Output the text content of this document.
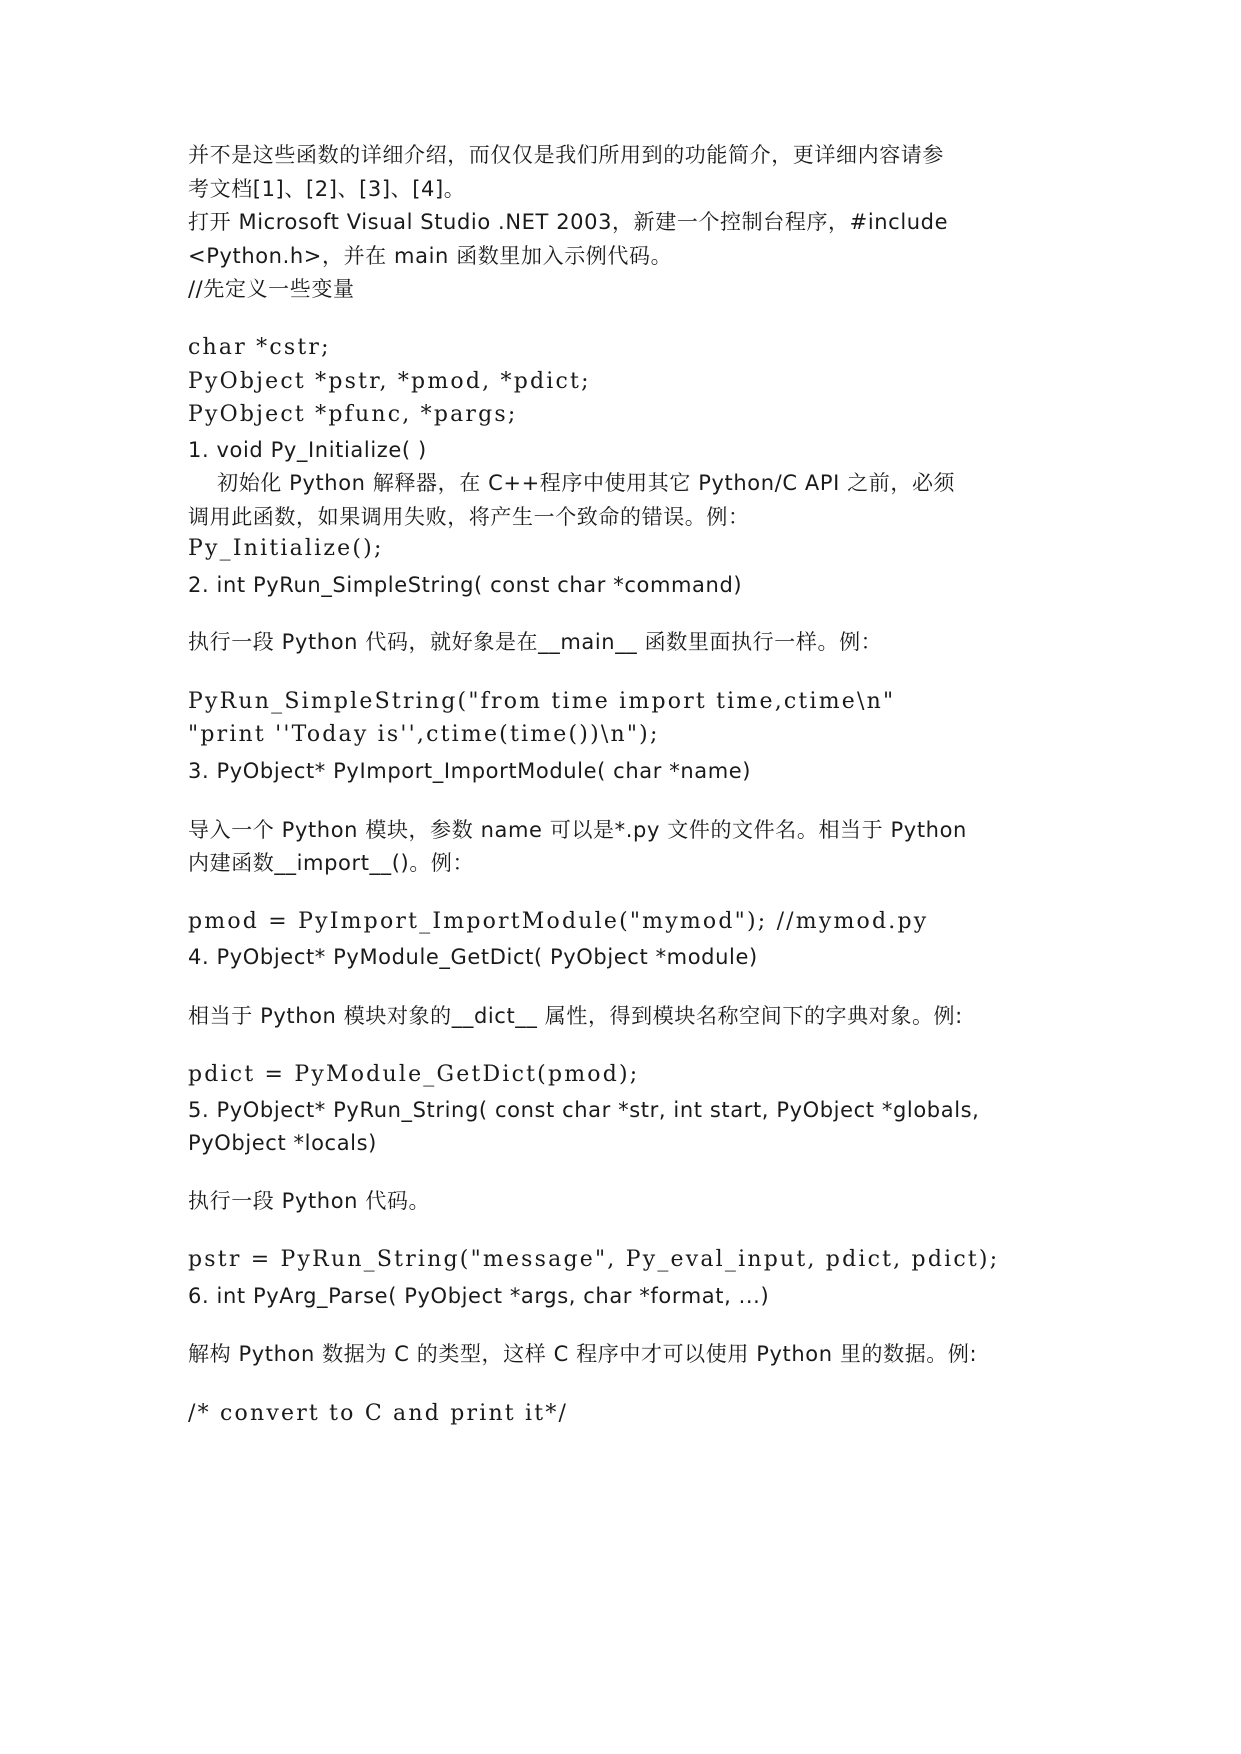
并不是这些函数的详细介绍，而仅仅是我们所用到的功能简介，更详细内容请参
考文档[1]、[2]、[3]、[4]。
打开 Microsoft Visual Studio .NET 2003，新建一个控制台程序，#include
<Python.h>，并在 main 函数里加入示例代码。
//先定义一些变量
char *cstr;
PyObject *pstr, *pmod, *pdict;
PyObject *pfunc, *pargs;
1. void Py_Initialize( )
初始化 Python 解释器，在 C++程序中使用其它 Python/C API 之前，必须
调用此函数，如果调用失败，将产生一个致命的错误。例：
Py_Initialize();
2. int PyRun_SimpleString( const char *command)
执行一段 Python 代码，就好象是在__main__ 函数里面执行一样。例：
PyRun_SimpleString("from time import time,ctime\n"
"print ''Today is'',ctime(time())\n");
3. PyObject* PyImport_ImportModule( char *name)
导入一个 Python 模块，参数 name 可以是*.py 文件的文件名。相当于 Python
内建函数__import__()。例：
pmod = PyImport_ImportModule("mymod"); //mymod.py
4. PyObject* PyModule_GetDict( PyObject *module)
相当于 Python 模块对象的__dict__ 属性，得到模块名称空间下的字典对象。例:
pdict = PyModule_GetDict(pmod);
5. PyObject* PyRun_String( const char *str, int start, PyObject *globals,
PyObject *locals)
执行一段 Python 代码。
pstr = PyRun_String("message", Py_eval_input, pdict, pdict);
6. int PyArg_Parse( PyObject *args, char *format, ...)
解构 Python 数据为 C 的类型，这样 C 程序中才可以使用 Python 里的数据。例:
/* convert to C and print it*/
